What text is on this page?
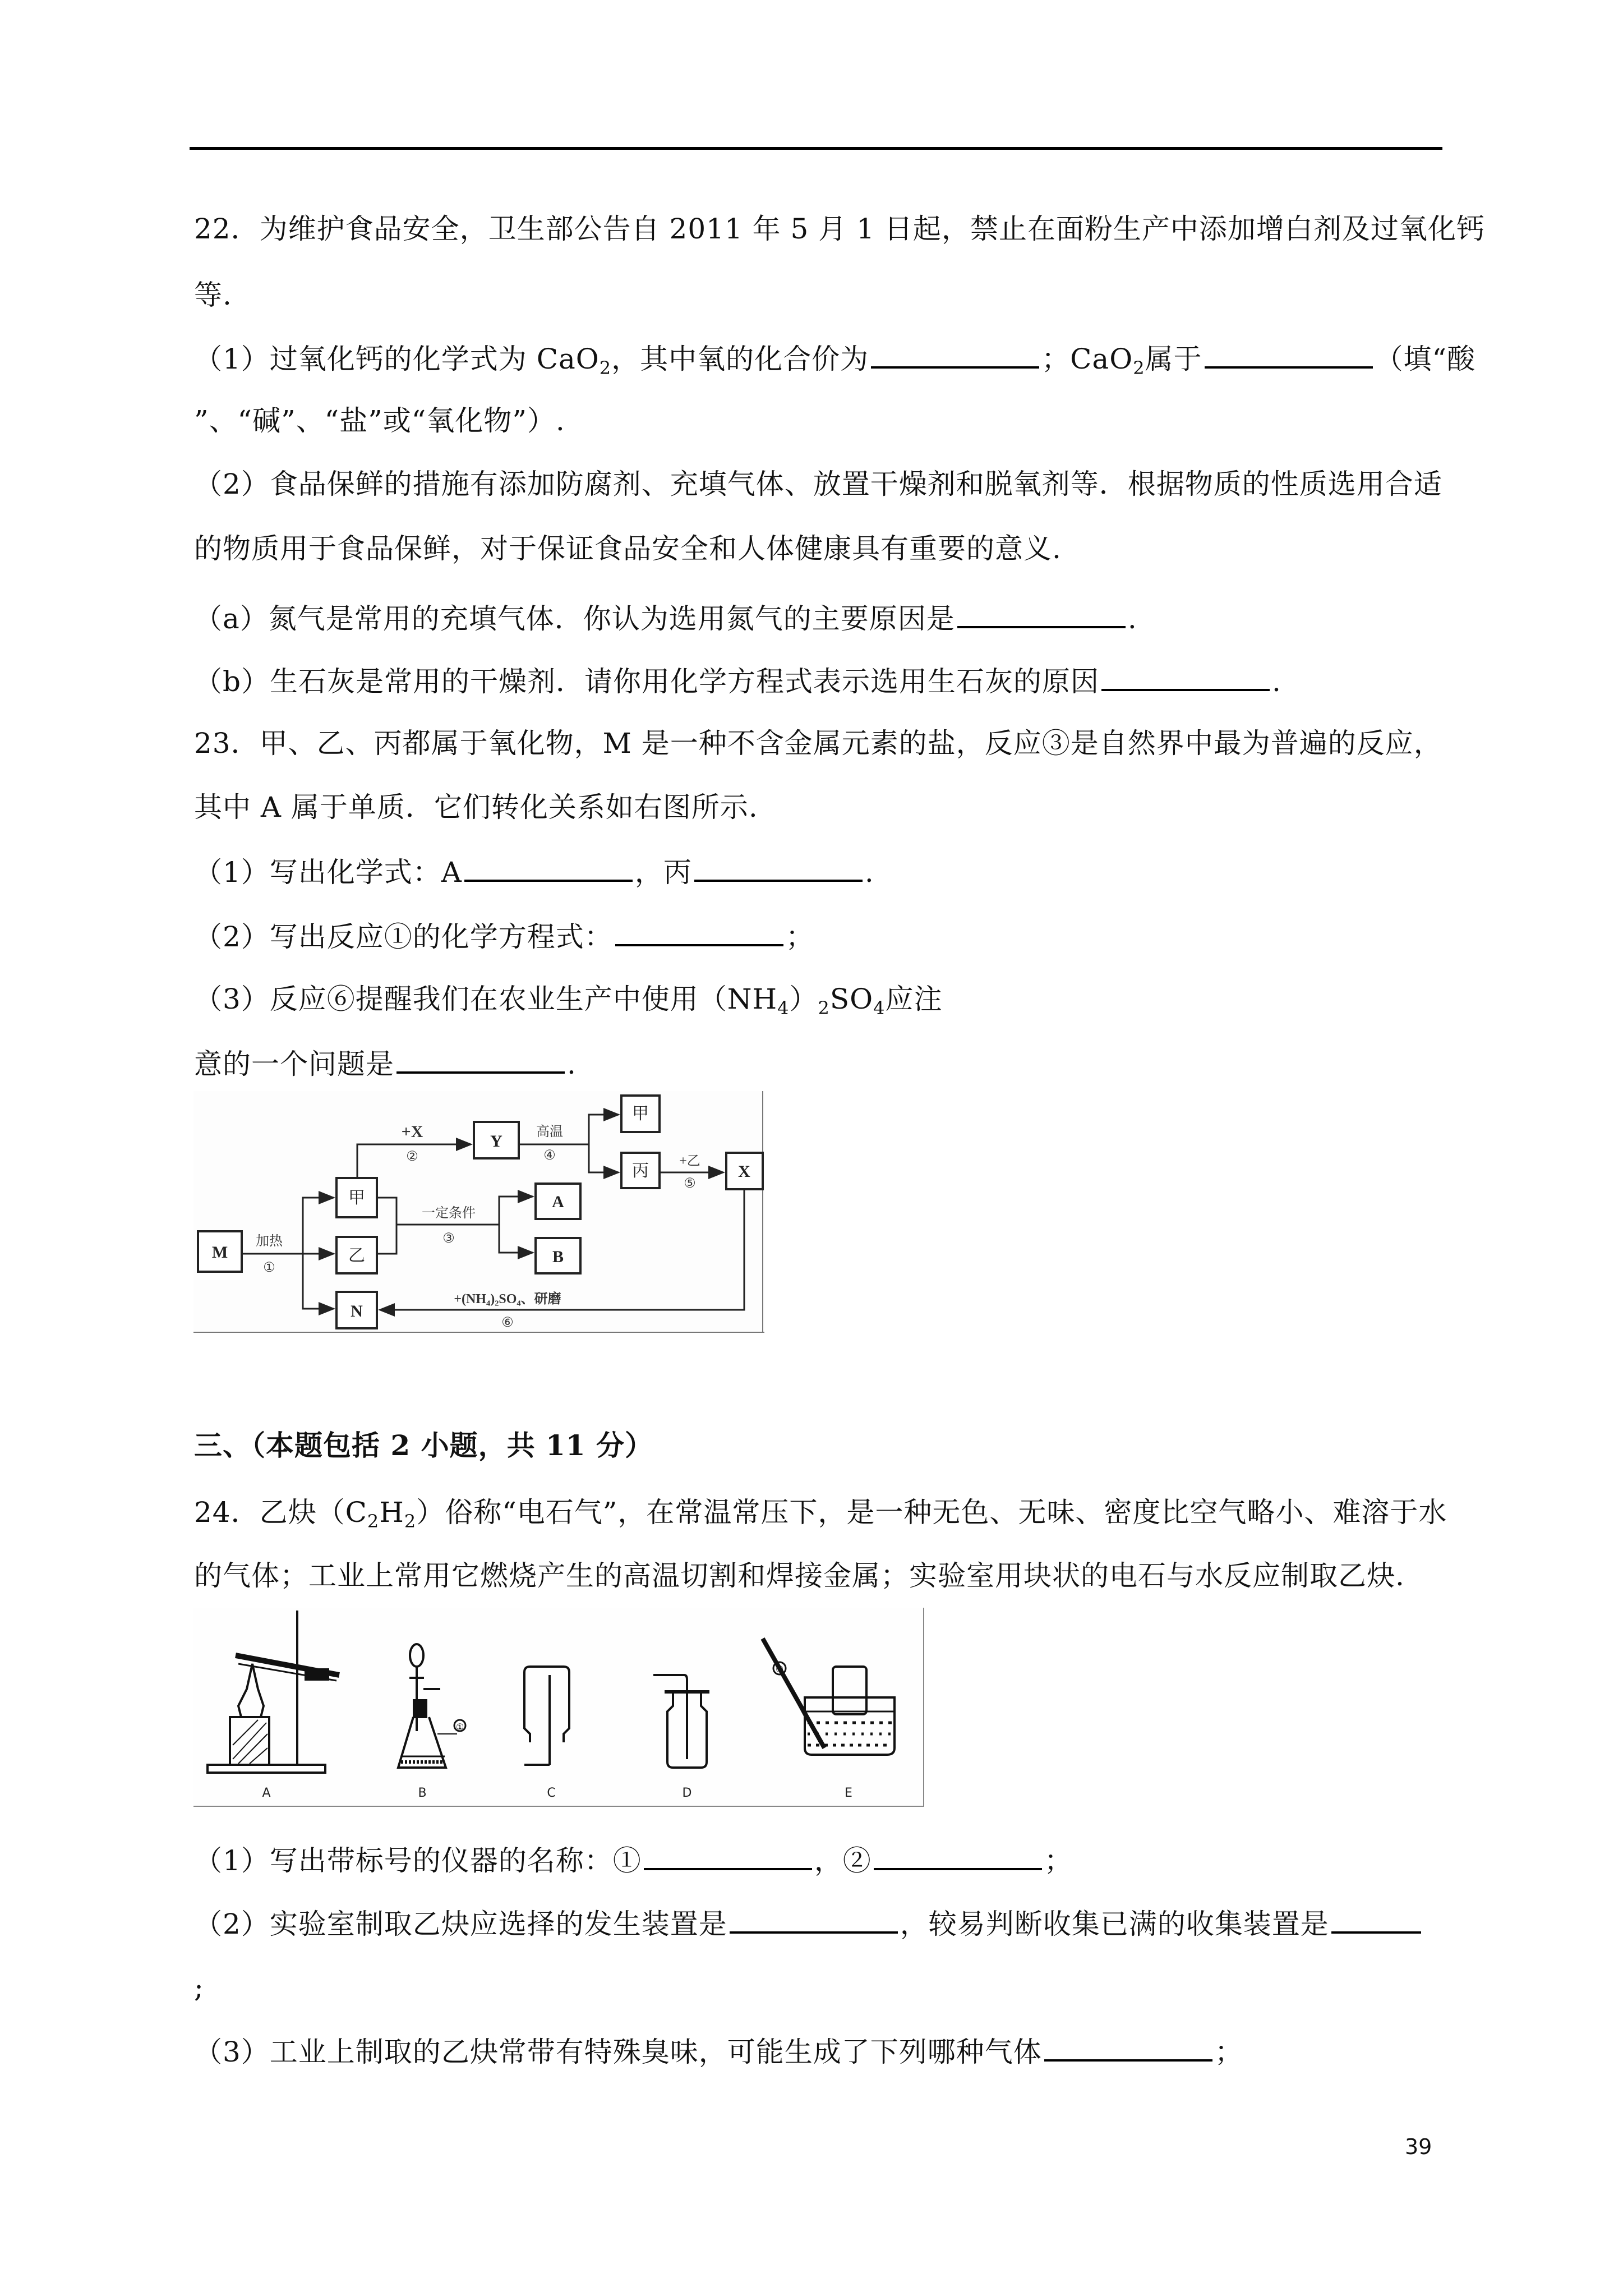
22．为维护食品安全，卫生部公告自 2011 年 5 月 1 日起，禁止在面粉生产中添加增白剂及过氧化钙
等.
（1）过氧化钙的化学式为 CaO$_2$，其中氧的化合价为	；CaO$_2$属于	（填“酸
”、“碱”、“盐”或“氧化物”）.
（2）食品保鲜的措施有添加防腐剂、充填气体、放置干燥剂和脱氧剂等．根据物质的性质选用合适
的物质用于食品保鲜，对于保证食品安全和人体健康具有重要的意义.
（a）氮气是常用的充填气体．你认为选用氮气的主要原因是	.
（b）生石灰是常用的干燥剂．请你用化学方程式表示选用生石灰的原因	.
23．甲、乙、丙都属于氧化物，M 是一种不含金属元素的盐，反应③是自然界中最为普遍的反应，
其中 A 属于单质．它们转化关系如右图所示.
（1）写出化学式：A	，丙	.
（2）写出反应①的化学方程式：	；
（3）反应⑥提醒我们在农业生产中使用$(NH_4)_2SO_4$应注
意的一个问题是	.
M
甲
乙
N
Y
A
B
甲
丙	X
加热
①
+X
②
一定条件
③
高温
④	+乙
⑤
+(NH₄)₂SO₄、研磨
⑥
三、（本题包括 2 小题，共 11 分）
24．乙炔$(C_2H_2)$俗称“电石气”，在常温常压下，是一种无色、无味、密度比空气略小、难溶于水
的气体；工业上常用它燃烧产生的高温切割和焊接金属；实验室用块状的电石与水反应制取乙炔.
A	B
①
C	D
②
E
（1）写出带标号的仪器的名称：①	，②	；
（2）实验室制取乙炔应选择的发生装置是	，较易判断收集已满的收集装置是
;
（3）工业上制取的乙炔常带有特殊臭味，可能生成了下列哪种气体	；
39
